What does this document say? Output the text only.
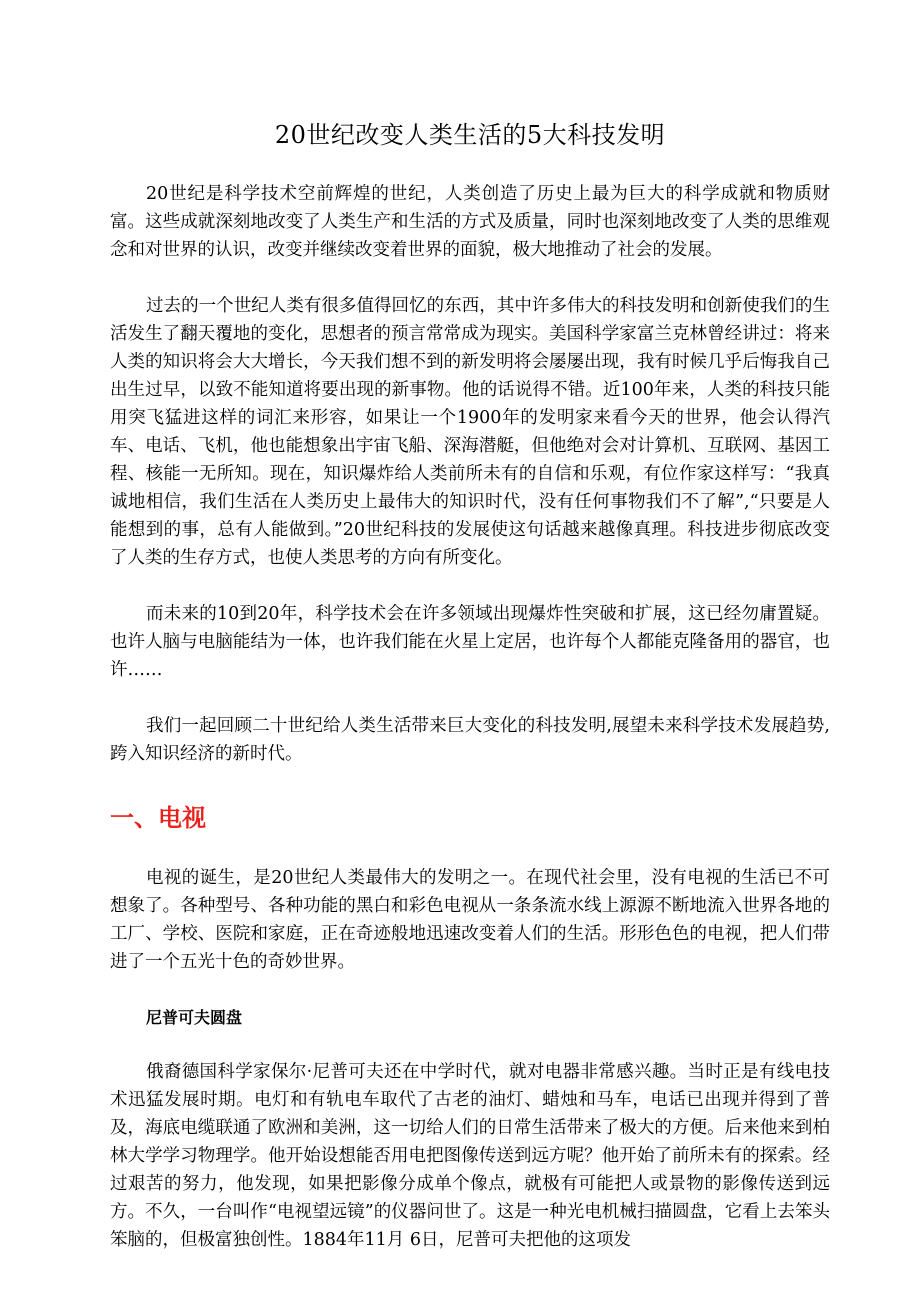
20世纪改变人类生活的5大科技发明

20世纪是科学技术空前辉煌的世纪，人类创造了历史上最为巨大的科学成就和物质财富。这些成就深刻地改变了人类生产和生活的方式及质量，同时也深刻地改变了人类的思维观念和对世界的认识，改变并继续改变着世界的面貌，极大地推动了社会的发展。

过去的一个世纪人类有很多值得回忆的东西，其中许多伟大的科技发明和创新使我们的生活发生了翻天覆地的变化，思想者的预言常常成为现实。美国科学家富兰克林曾经讲过：将来人类的知识将会大大增长，今天我们想不到的新发明将会屡屡出现，我有时候几乎后悔我自己出生过早，以致不能知道将要出现的新事物。他的话说得不错。近100年来，人类的科技只能用突飞猛进这样的词汇来形容，如果让一个1900年的发明家来看今天的世界，他会认得汽车、电话、飞机，他也能想象出宇宙飞船、深海潜艇，但他绝对会对计算机、互联网、基因工程、核能一无所知。现在，知识爆炸给人类前所未有的自信和乐观，有位作家这样写：“我真诚地相信，我们生活在人类历史上最伟大的知识时代，没有任何事物我们不了解”,“只要是人能想到的事，总有人能做到。”20世纪科技的发展使这句话越来越像真理。科技进步彻底改变了人类的生存方式，也使人类思考的方向有所变化。

而未来的10到20年，科学技术会在许多领域出现爆炸性突破和扩展，这已经勿庸置疑。也许人脑与电脑能结为一体，也许我们能在火星上定居，也许每个人都能克隆备用的器官，也许……

我们一起回顾二十世纪给人类生活带来巨大变化的科技发明,展望未来科学技术发展趋势,跨入知识经济的新时代。

一、电视

电视的诞生，是20世纪人类最伟大的发明之一。在现代社会里，没有电视的生活已不可想象了。各种型号、各种功能的黑白和彩色电视从一条条流水线上源源不断地流入世界各地的工厂、学校、医院和家庭，正在奇迹般地迅速改变着人们的生活。形形色色的电视，把人们带进了一个五光十色的奇妙世界。

尼普可夫圆盘

俄裔德国科学家保尔·尼普可夫还在中学时代，就对电器非常感兴趣。当时正是有线电技术迅猛发展时期。电灯和有轨电车取代了古老的油灯、蜡烛和马车，电话已出现并得到了普及，海底电缆联通了欧洲和美洲，这一切给人们的日常生活带来了极大的方便。后来他来到柏林大学学习物理学。他开始设想能否用电把图像传送到远方呢？他开始了前所未有的探索。经过艰苦的努力，他发现，如果把影像分成单个像点，就极有可能把人或景物的影像传送到远方。不久，一台叫作“电视望远镜”的仪器问世了。这是一种光电机械扫描圆盘，它看上去笨头笨脑的，但极富独创性。1884年11月 6日，尼普可夫把他的这项发
